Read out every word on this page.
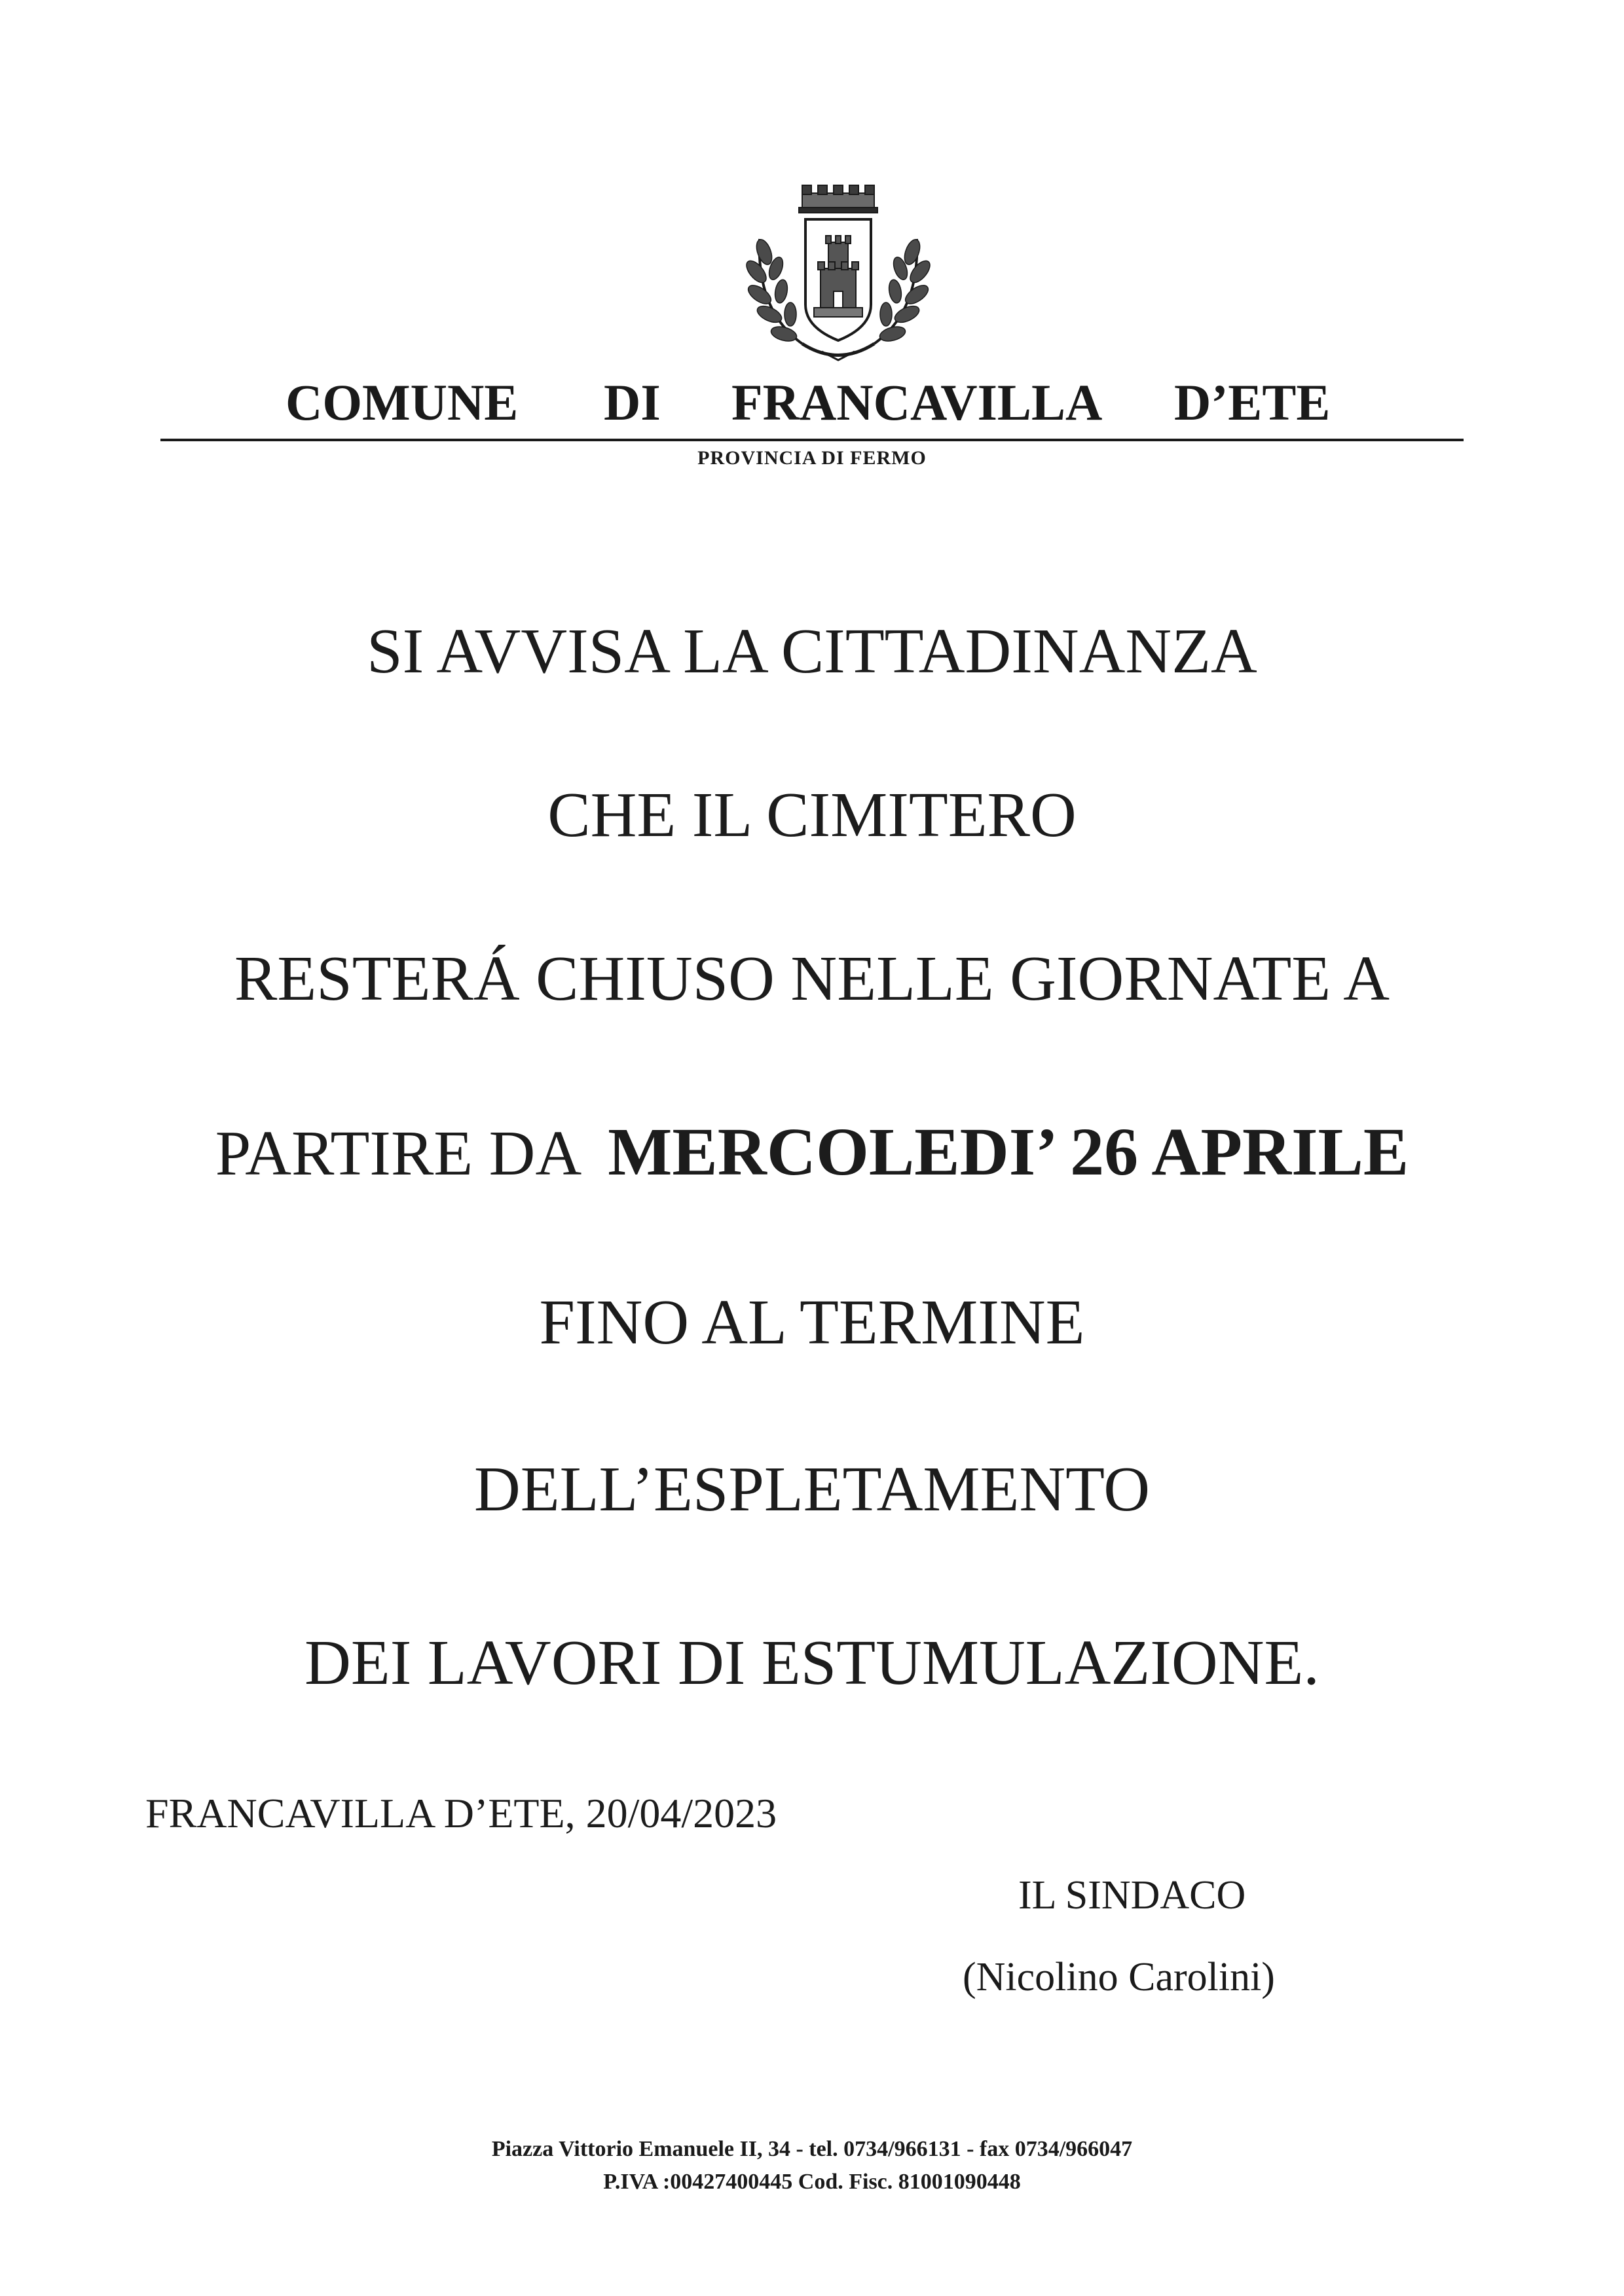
COMUNE DI FRANCAVILLA D’ETE
PROVINCIA DI FERMO
SI AVVISA LA CITTADINANZA
CHE IL CIMITERO
RESTERÁ CHIUSO NELLE GIORNATE A
PARTIRE DA MERCOLEDI’ 26 APRILE
FINO AL TERMINE
DELL’ESPLETAMENTO
DEI LAVORI DI ESTUMULAZIONE.
FRANCAVILLA D’ETE, 20/04/2023
IL SINDACO
(Nicolino Carolini)
Piazza Vittorio Emanuele II, 34 - tel. 0734/966131 - fax 0734/966047
P.IVA :00427400445 Cod. Fisc. 81001090448
